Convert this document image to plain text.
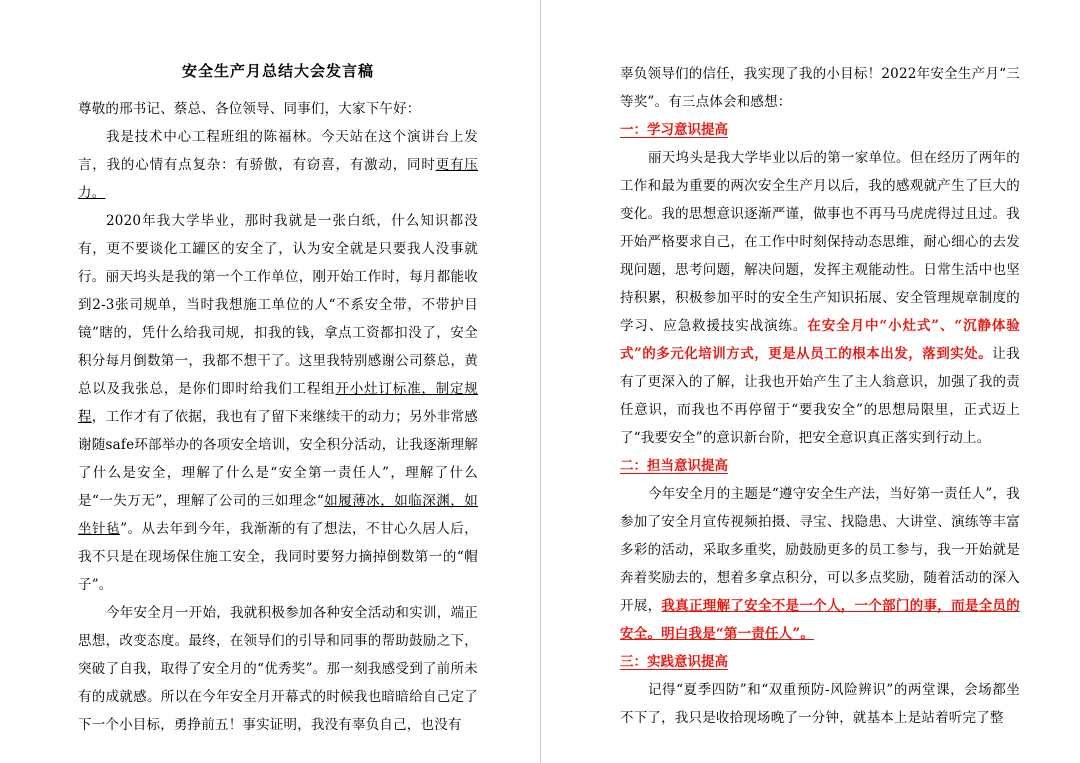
安全生产月总结大会发言稿
尊敬的邢书记、蔡总、各位领导、同事们，大家下午好：
我是技术中心工程班组的陈福林。今天站在这个演讲台上发言，我的心情有点复杂：有骄傲，有窃喜，有激动，同时更有压力。
2020年我大学毕业，那时我就是一张白纸，什么知识都没有，更不要谈化工罐区的安全了，认为安全就是只要我人没事就行。丽天坞头是我的第一个工作单位，刚开始工作时，每月都能收到2-3张司规单，当时我想施工单位的人“不系安全带，不带护目镜”瞎的，凭什么给我司规，扣我的钱，拿点工资都扣没了，安全积分每月倒数第一，我都不想干了。这里我特别感谢公司蔡总，黄总以及我张总，是你们即时给我们工程组开小灶订标准，制定规程，工作才有了依据，我也有了留下来继续干的动力；另外非常感谢随safe环部举办的各项安全培训，安全积分活动，让我逐渐理解了什么是安全，理解了什么是“安全第一责任人”，理解了什么是“一失万无”，理解了公司的三如理念“如履薄冰，如临深渊，如坐针毡”。从去年到今年，我渐渐的有了想法，不甘心久居人后，我不只是在现场保住施工安全，我同时要努力摘掉倒数第一的“帽子”。
今年安全月一开始，我就积极参加各种安全活动和实训，端正思想，改变态度。最终，在领导们的引导和同事的帮助鼓励之下，突破了自我，取得了安全月的“优秀奖”。那一刻我感受到了前所未有的成就感。所以在今年安全月开幕式的时候我也暗暗给自己定了下一个小目标，勇挣前五！事实证明，我没有辜负自己，也没有
辜负领导们的信任，我实现了我的小目标！2022年安全生产月“三等奖”。有三点体会和感想：
一：学习意识提高
丽天坞头是我大学毕业以后的第一家单位。但在经历了两年的工作和最为重要的两次安全生产月以后，我的感观就产生了巨大的变化。我的思想意识逐渐严谨，做事也不再马马虎虎得过且过。我开始严格要求自己，在工作中时刻保持动态思维，耐心细心的去发现问题，思考问题，解决问题，发挥主观能动性。日常生活中也坚持积累，积极参加平时的安全生产知识拓展、安全管理规章制度的学习、应急救援技实战演练。在安全月中“小灶式”、“沉静体验式”的多元化培训方式，更是从员工的根本出发，落到实处。让我有了更深入的了解，让我也开始产生了主人翁意识，加强了我的责任意识，而我也不再停留于“要我安全”的思想局限里，正式迈上了“我要安全”的意识新台阶，把安全意识真正落实到行动上。
二：担当意识提高
今年安全月的主题是“遵守安全生产法，当好第一责任人”，我参加了安全月宣传视频拍摄、寻宝、找隐患、大讲堂、演练等丰富多彩的活动，采取多重奖，励鼓励更多的员工参与，我一开始就是奔着奖励去的，想着多拿点积分，可以多点奖励，随着活动的深入开展，我真正理解了安全不是一个人，一个部门的事，而是全员的安全。明白我是“第一责任人”。
三：实践意识提高
记得“夏季四防”和“双重预防-风险辨识”的两堂课，会场都坐不下了，我只是收拾现场晚了一分钟，就基本上是站着听完了整
